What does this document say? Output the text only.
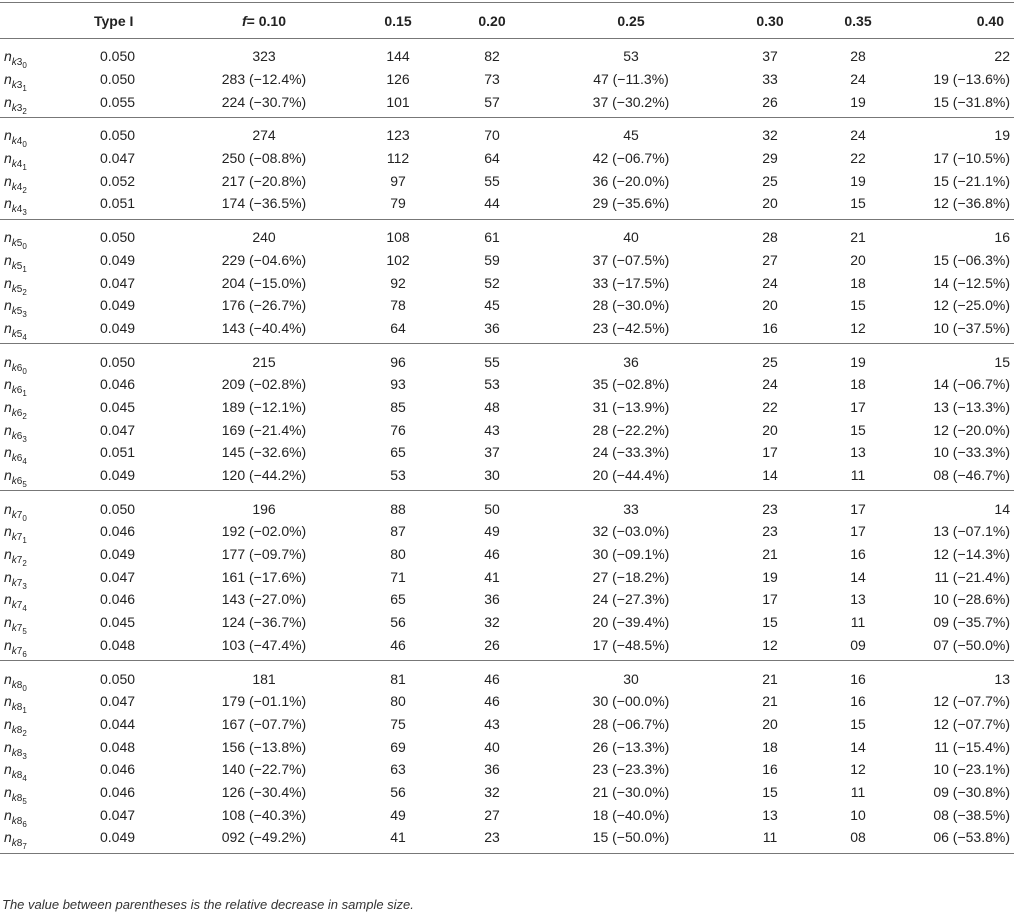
	Type I	f= 0.10	0.15	0.20	0.25	0.30	0.35	0.40
$n_{k3_0}$	0.050	323	144	82	53	37	28	22
$n_{k3_1}$	0.050	283 (−12.4%)	126	73	47 (−11.3%)	33	24	19 (−13.6%)
$n_{k3_2}$	0.055	224 (−30.7%)	101	57	37 (−30.2%)	26	19	15 (−31.8%)
$n_{k4_0}$	0.050	274	123	70	45	32	24	19
$n_{k4_1}$	0.047	250 (−08.8%)	112	64	42 (−06.7%)	29	22	17 (−10.5%)
$n_{k4_2}$	0.052	217 (−20.8%)	97	55	36 (−20.0%)	25	19	15 (−21.1%)
$n_{k4_3}$	0.051	174 (−36.5%)	79	44	29 (−35.6%)	20	15	12 (−36.8%)
$n_{k5_0}$	0.050	240	108	61	40	28	21	16
$n_{k5_1}$	0.049	229 (−04.6%)	102	59	37 (−07.5%)	27	20	15 (−06.3%)
$n_{k5_2}$	0.047	204 (−15.0%)	92	52	33 (−17.5%)	24	18	14 (−12.5%)
$n_{k5_3}$	0.049	176 (−26.7%)	78	45	28 (−30.0%)	20	15	12 (−25.0%)
$n_{k5_4}$	0.049	143 (−40.4%)	64	36	23 (−42.5%)	16	12	10 (−37.5%)
$n_{k6_0}$	0.050	215	96	55	36	25	19	15
$n_{k6_1}$	0.046	209 (−02.8%)	93	53	35 (−02.8%)	24	18	14 (−06.7%)
$n_{k6_2}$	0.045	189 (−12.1%)	85	48	31 (−13.9%)	22	17	13 (−13.3%)
$n_{k6_3}$	0.047	169 (−21.4%)	76	43	28 (−22.2%)	20	15	12 (−20.0%)
$n_{k6_4}$	0.051	145 (−32.6%)	65	37	24 (−33.3%)	17	13	10 (−33.3%)
$n_{k6_5}$	0.049	120 (−44.2%)	53	30	20 (−44.4%)	14	11	08 (−46.7%)
$n_{k7_0}$	0.050	196	88	50	33	23	17	14
$n_{k7_1}$	0.046	192 (−02.0%)	87	49	32 (−03.0%)	23	17	13 (−07.1%)
$n_{k7_2}$	0.049	177 (−09.7%)	80	46	30 (−09.1%)	21	16	12 (−14.3%)
$n_{k7_3}$	0.047	161 (−17.6%)	71	41	27 (−18.2%)	19	14	11 (−21.4%)
$n_{k7_4}$	0.046	143 (−27.0%)	65	36	24 (−27.3%)	17	13	10 (−28.6%)
$n_{k7_5}$	0.045	124 (−36.7%)	56	32	20 (−39.4%)	15	11	09 (−35.7%)
$n_{k7_6}$	0.048	103 (−47.4%)	46	26	17 (−48.5%)	12	09	07 (−50.0%)
$n_{k8_0}$	0.050	181	81	46	30	21	16	13
$n_{k8_1}$	0.047	179 (−01.1%)	80	46	30 (−00.0%)	21	16	12 (−07.7%)
$n_{k8_2}$	0.044	167 (−07.7%)	75	43	28 (−06.7%)	20	15	12 (−07.7%)
$n_{k8_3}$	0.048	156 (−13.8%)	69	40	26 (−13.3%)	18	14	11 (−15.4%)
$n_{k8_4}$	0.046	140 (−22.7%)	63	36	23 (−23.3%)	16	12	10 (−23.1%)
$n_{k8_5}$	0.046	126 (−30.4%)	56	32	21 (−30.0%)	15	11	09 (−30.8%)
$n_{k8_6}$	0.047	108 (−40.3%)	49	27	18 (−40.0%)	13	10	08 (−38.5%)
$n_{k8_7}$	0.049	092 (−49.2%)	41	23	15 (−50.0%)	11	08	06 (−53.8%)
The value between parentheses is the relative decrease in sample size.
